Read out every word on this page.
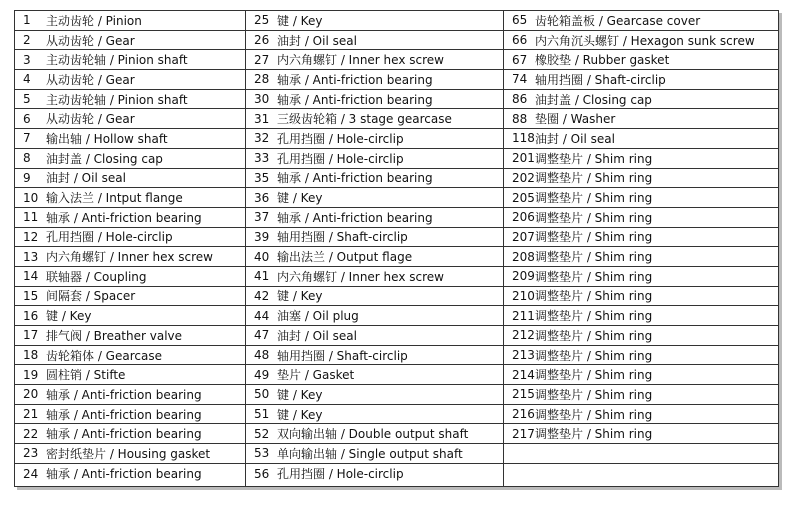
1	主动齿轮 / Pinion
2	从动齿轮 / Gear
3	主动齿轮轴 / Pinion shaft
4	从动齿轮 / Gear
5	主动齿轮轴 / Pinion shaft
6	从动齿轮 / Gear
7	输出轴 / Hollow shaft
8	油封盖 / Closing cap
9	油封 / Oil seal
10 输入法兰 / Intput flange
11 轴承 / Anti-friction bearing
12 孔用挡圈 / Hole-circlip
13 内六角螺钉 / Inner hex screw
14 联轴器 / Coupling
15 间隔套 / Spacer
16 键 / Key
17 排气阀 / Breather valve
18 齿轮箱体 / Gearcase
19 圆柱销 / Stifte
20 轴承 / Anti-friction bearing
21 轴承 / Anti-friction bearing
22 轴承 / Anti-friction bearing
23 密封纸垫片 / Housing gasket
24 轴承 / Anti-friction bearing
25 键 / Key
26 油封 / Oil seal
27 内六角螺钉 / Inner hex screw
28 轴承 / Anti-friction bearing
30 轴承 / Anti-friction bearing
31 三级齿轮箱 / 3 stage gearcase
32 孔用挡圈 / Hole-circlip
33 孔用挡圈 / Hole-circlip
35 轴承 / Anti-friction bearing
36 键 / Key
37 轴承 / Anti-friction bearing
39 轴用挡圈 / Shaft-circlip
40 输出法兰 / Output flage
41 内六角螺钉 / Inner hex screw
42 键 / Key
44 油塞 / Oil plug
47 油封 / Oil seal
48 轴用挡圈 / Shaft-circlip
49 垫片 / Gasket
50 键 / Key
51 键 / Key
52 双向输出轴 / Double output shaft
53 单向输出轴 / Single output shaft
56 孔用挡圈 / Hole-circlip
65 齿轮箱盖板 / Gearcase cover
66 内六角沉头螺钉 / Hexagon sunk screw
67 橡胶垫 / Rubber gasket
74 轴用挡圈 / Shaft-circlip
86 油封盖 / Closing cap
88 垫圈 / Washer
118 油封 / Oil seal
201 调整垫片 / Shim ring
202 调整垫片 / Shim ring
205 调整垫片 / Shim ring
206 调整垫片 / Shim ring
207 调整垫片 / Shim ring
208 调整垫片 / Shim ring
209 调整垫片 / Shim ring
210 调整垫片 / Shim ring
211 调整垫片 / Shim ring
212 调整垫片 / Shim ring
213 调整垫片 / Shim ring
214 调整垫片 / Shim ring
215 调整垫片 / Shim ring
216 调整垫片 / Shim ring
217 调整垫片 / Shim ring
